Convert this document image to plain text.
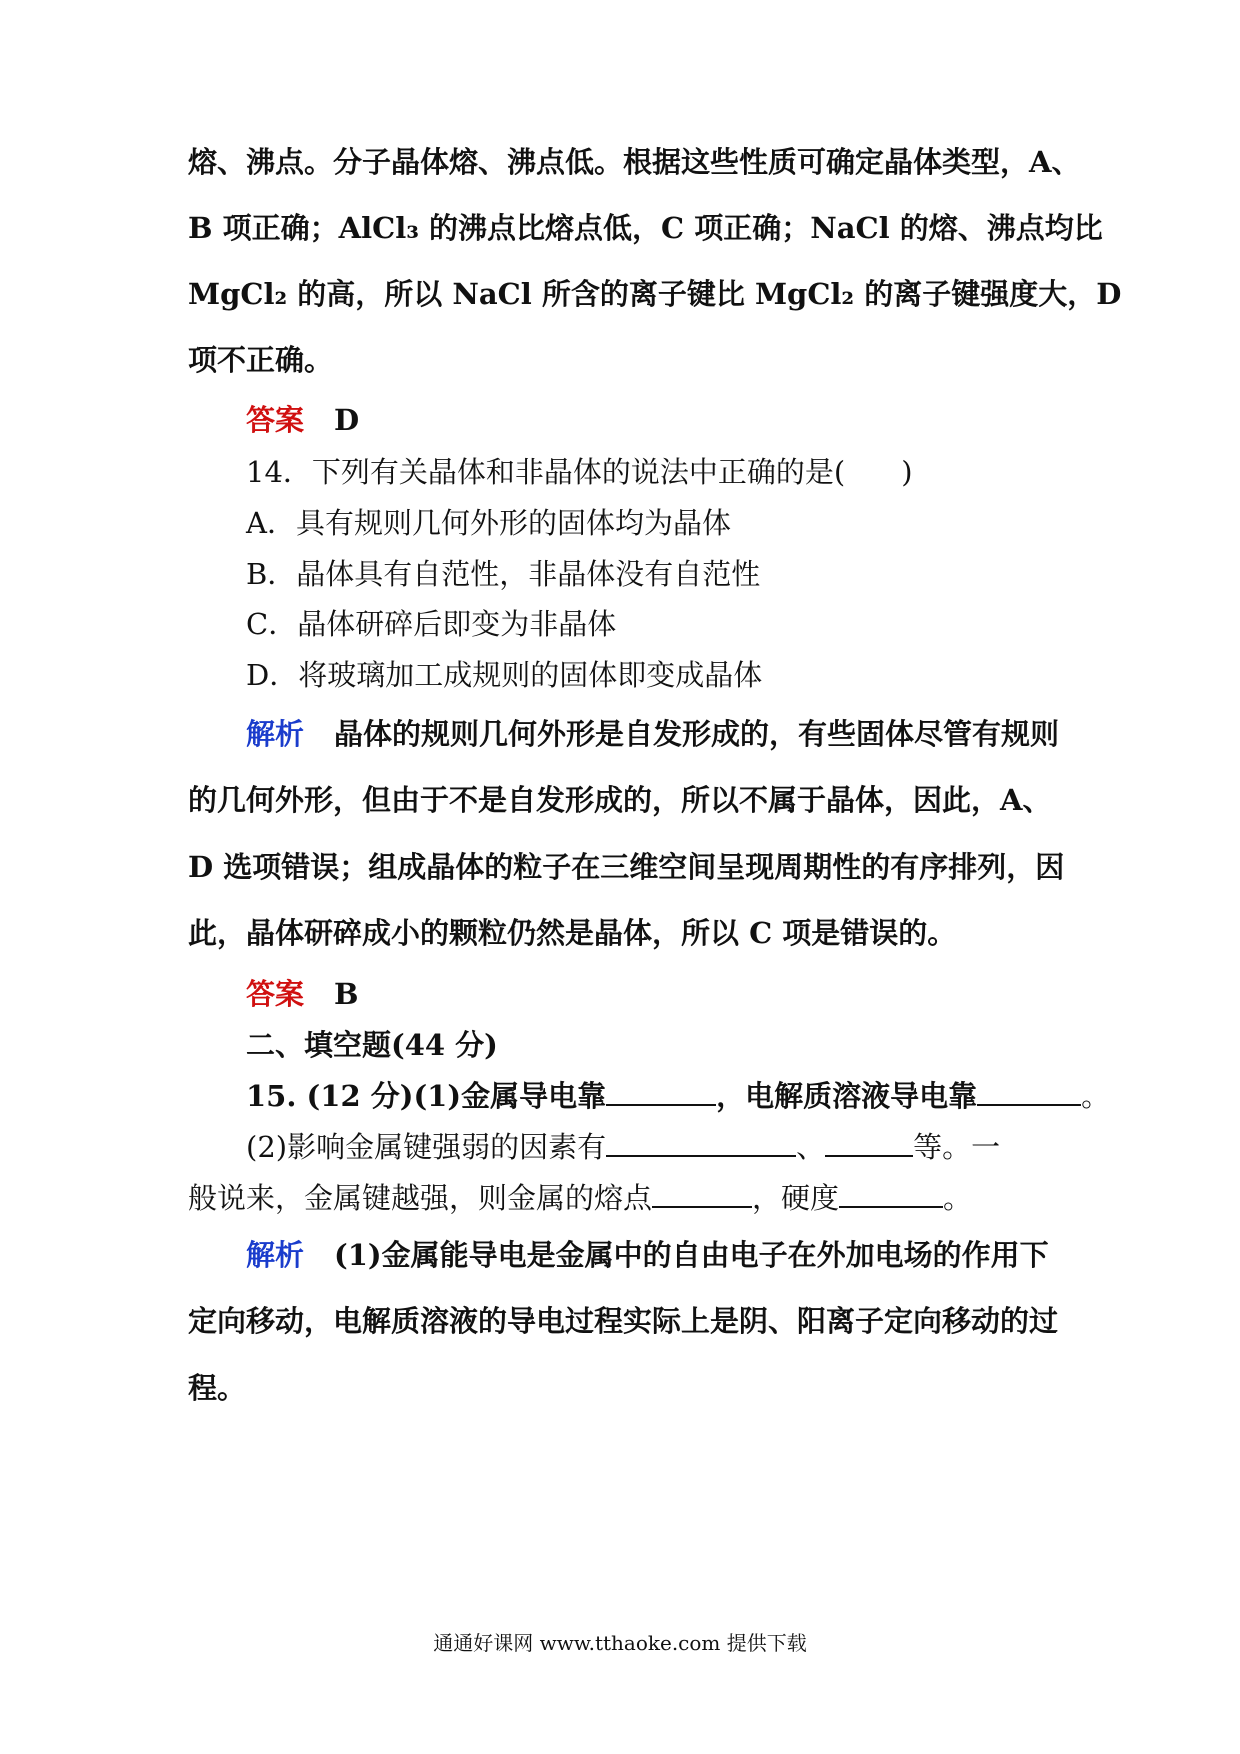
熔、沸点。分子晶体熔、沸点低。根据这些性质可确定晶体类型，A、
B 项正确；AlCl₃ 的沸点比熔点低，C 项正确；NaCl 的熔、沸点均比
MgCl₂ 的高，所以 NaCl 所含的离子键比 MgCl₂ 的离子键强度大，D
项不正确。
答案 D
14．下列有关晶体和非晶体的说法中正确的是( )
A．具有规则几何外形的固体均为晶体
B．晶体具有自范性，非晶体没有自范性
C．晶体研碎后即变为非晶体
D．将玻璃加工成规则的固体即变成晶体
解析 晶体的规则几何外形是自发形成的，有些固体尽管有规则
的几何外形，但由于不是自发形成的，所以不属于晶体，因此，A、
D 选项错误；组成晶体的粒子在三维空间呈现周期性的有序排列，因
此，晶体研碎成小的颗粒仍然是晶体，所以 C 项是错误的。
答案 B
二、填空题(44 分)
15. (12 分)(1)金属导电靠	，电解质溶液导电靠	。
(2)影响金属键强弱的因素有	、	等。一
般说来，金属键越强，则金属的熔点	，硬度	。
解析 (1)金属能导电是金属中的自由电子在外加电场的作用下
定向移动，电解质溶液的导电过程实际上是阴、阳离子定向移动的过
程。
通通好课网 www.tthaoke.com 提供下载
